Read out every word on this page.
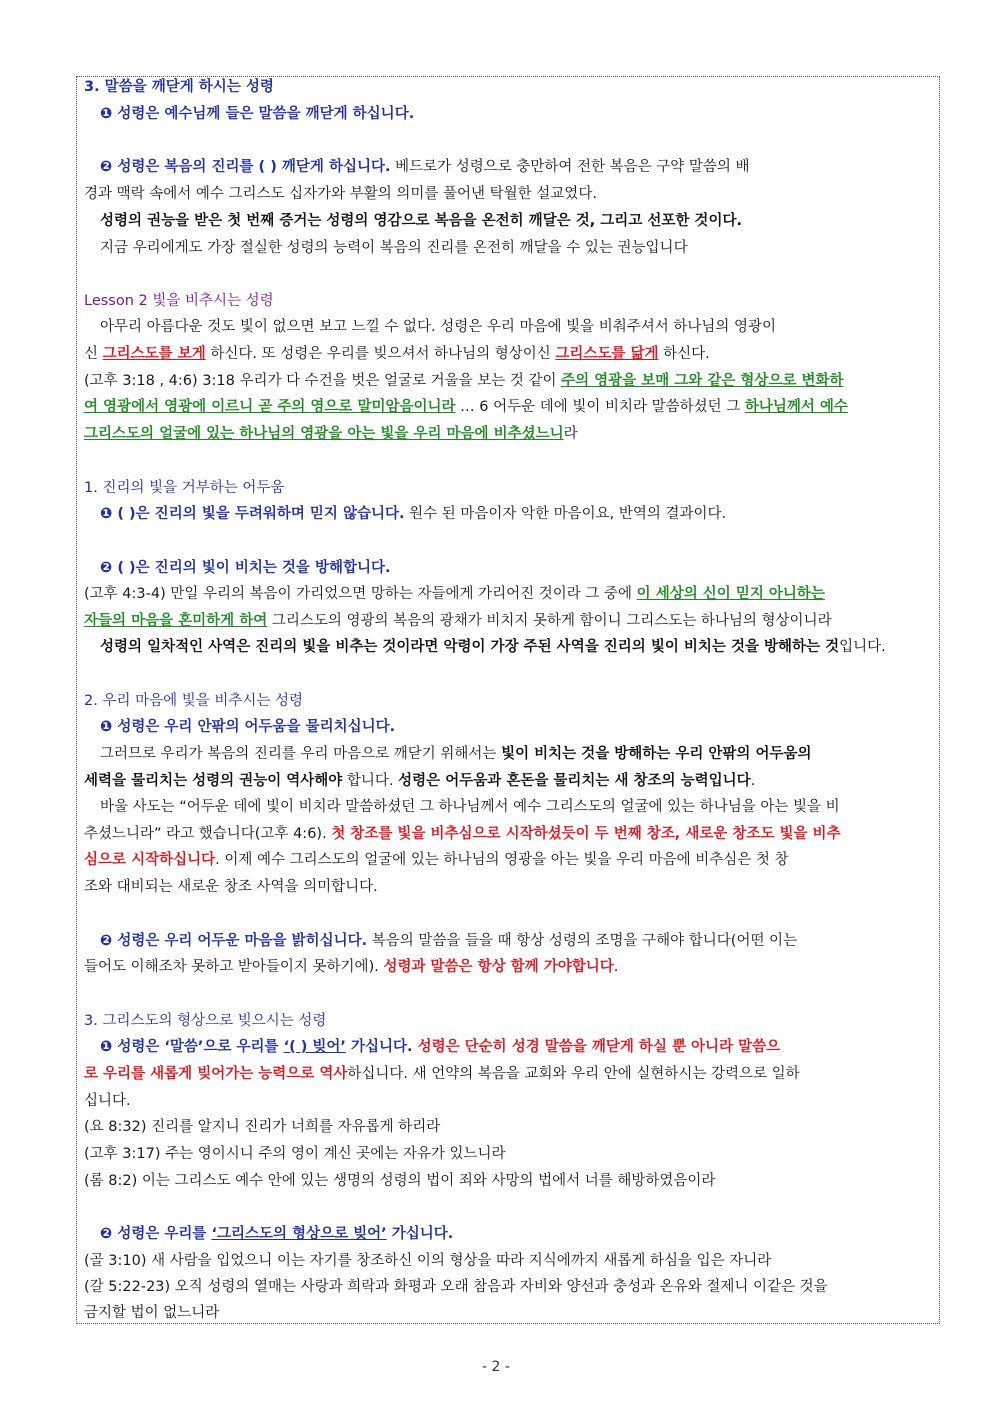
3. 말씀을 깨닫게 하시는 성령
❶ 성령은 예수님께 들은 말씀을 깨닫게 하십니다.
❷ 성령은 복음의 진리를 ( ) 깨닫게 하십니다. 베드로가 성령으로 충만하여 전한 복음은 구약 말씀의 배
경과 맥락 속에서 예수 그리스도 십자가와 부활의 의미를 풀어낸 탁월한 설교였다.
성령의 권능을 받은 첫 번째 증거는 성령의 영감으로 복음을 온전히 깨달은 것, 그리고 선포한 것이다.
지금 우리에게도 가장 절실한 성령의 능력이 복음의 진리를 온전히 깨달을 수 있는 권능입니다
Lesson 2 빛을 비추시는 성령
아무리 아름다운 것도 빛이 없으면 보고 느낄 수 없다. 성령은 우리 마음에 빛을 비춰주셔서 하나님의 영광이
신 그리스도를 보게 하신다. 또 성령은 우리를 빚으셔서 하나님의 형상이신 그리스도를 닮게 하신다.
(고후 3:18 , 4:6) 3:18 우리가 다 수건을 벗은 얼굴로 거울을 보는 것 같이 주의 영광을 보매 그와 같은 형상으로 변화하
여 영광에서 영광에 이르니 곧 주의 영으로 말미암음이니라 … 6 어두운 데에 빛이 비치라 말씀하셨던 그 하나님께서 예수
그리스도의 얼굴에 있는 하나님의 영광을 아는 빛을 우리 마음에 비추셨느니라
1. 진리의 빛을 거부하는 어두움
❶ ( )은 진리의 빛을 두려워하며 믿지 않습니다. 원수 된 마음이자 악한 마음이요, 반역의 결과이다.
❷ ( )은 진리의 빛이 비치는 것을 방해합니다.
(고후 4:3-4) 만일 우리의 복음이 가리었으면 망하는 자들에게 가리어진 것이라 그 중에 이 세상의 신이 믿지 아니하는
자들의 마음을 혼미하게 하여 그리스도의 영광의 복음의 광채가 비치지 못하게 함이니 그리스도는 하나님의 형상이니라
성령의 일차적인 사역은 진리의 빛을 비추는 것이라면 악령이 가장 주된 사역을 진리의 빛이 비치는 것을 방해하는 것입니다.
2. 우리 마음에 빛을 비추시는 성령
❶ 성령은 우리 안팎의 어두움을 물리치십니다.
그러므로 우리가 복음의 진리를 우리 마음으로 깨닫기 위해서는 빛이 비치는 것을 방해하는 우리 안팎의 어두움의
세력을 물리치는 성령의 권능이 역사해야 합니다. 성령은 어두움과 혼돈을 물리치는 새 창조의 능력입니다.
바울 사도는 “어두운 데에 빛이 비치라 말씀하셨던 그 하나님께서 예수 그리스도의 얼굴에 있는 하나님을 아는 빛을 비
추셨느니라” 라고 했습니다(고후 4:6). 첫 창조를 빛을 비추심으로 시작하셨듯이 두 번째 창조, 새로운 창조도 빛을 비추
심으로 시작하십니다. 이제 예수 그리스도의 얼굴에 있는 하나님의 영광을 아는 빛을 우리 마음에 비추심은 첫 창
조와 대비되는 새로운 창조 사역을 의미합니다.
❷ 성령은 우리 어두운 마음을 밝히십니다. 복음의 말씀을 들을 때 항상 성령의 조명을 구해야 합니다(어떤 이는
들어도 이해조차 못하고 받아들이지 못하기에). 성령과 말씀은 항상 함께 가야합니다.
3. 그리스도의 형상으로 빚으시는 성령
❶ 성령은 ‘말씀’으로 우리를 ‘( ) 빚어’ 가십니다. 성령은 단순히 성경 말씀을 깨닫게 하실 뿐 아니라 말씀으
로 우리를 새롭게 빚어가는 능력으로 역사하십니다. 새 언약의 복음을 교회와 우리 안에 실현하시는 강력으로 일하
십니다.
(요 8:32) 진리를 알지니 진리가 너희를 자유롭게 하리라
(고후 3:17) 주는 영이시니 주의 영이 계신 곳에는 자유가 있느니라
(롬 8:2) 이는 그리스도 예수 안에 있는 생명의 성령의 법이 죄와 사망의 법에서 너를 해방하였음이라
❷ 성령은 우리를 ‘그리스도의 형상으로 빚어’ 가십니다.
(골 3:10) 새 사람을 입었으니 이는 자기를 창조하신 이의 형상을 따라 지식에까지 새롭게 하심을 입은 자니라
(갈 5:22-23) 오직 성령의 열매는 사랑과 희락과 화평과 오래 참음과 자비와 양선과 충성과 온유와 절제니 이같은 것을
금지할 법이 없느니라
- 2 -
